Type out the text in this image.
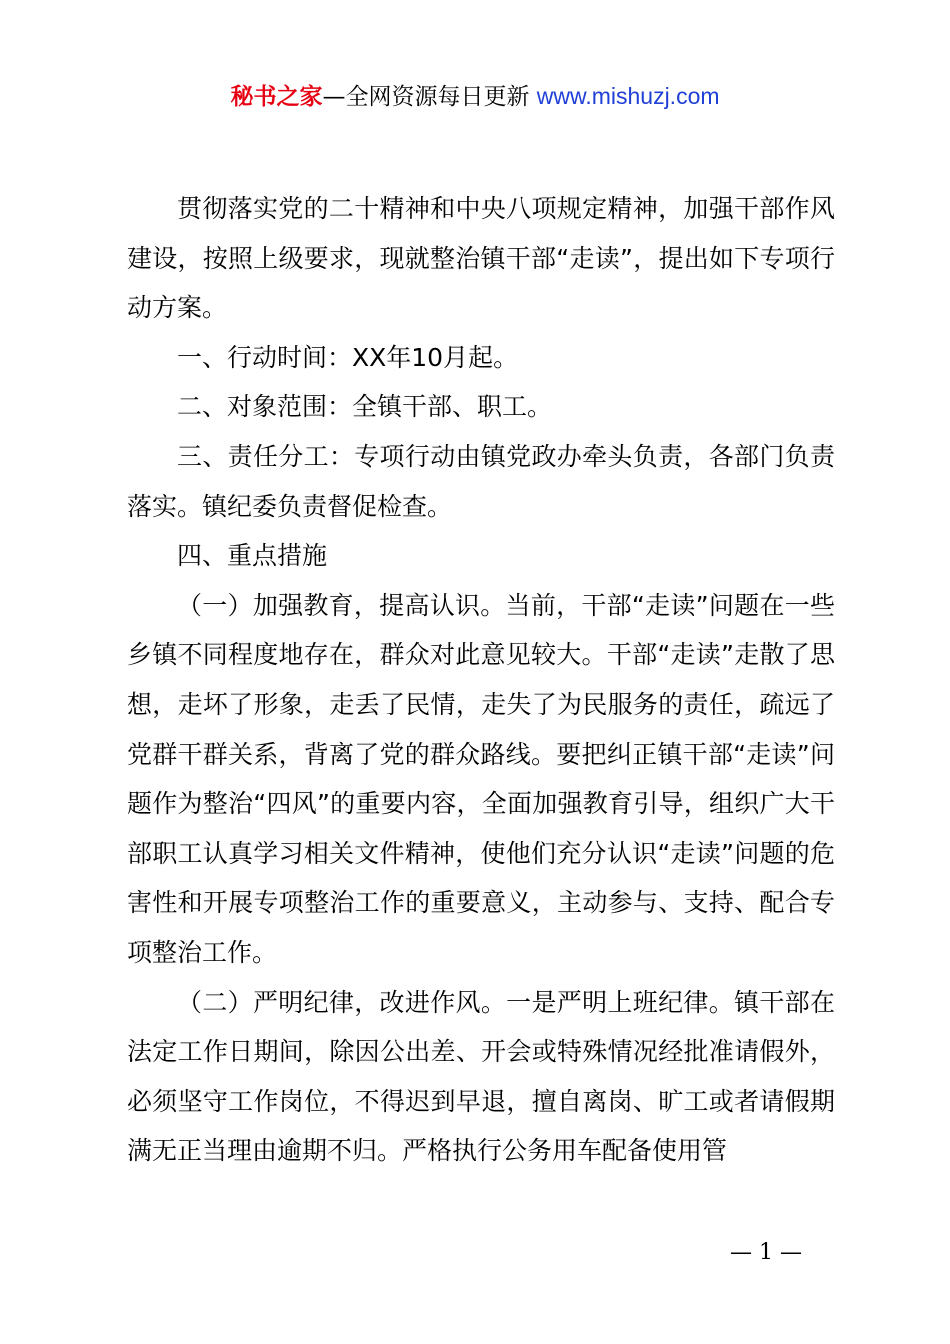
秘书之家—全网资源每日更新 www.mishuzj.com

贯彻落实党的二十精神和中央八项规定精神，加强干部作风建设，按照上级要求，现就整治镇干部“走读”，提出如下专项行动方案。

一、行动时间：XX年10月起。

二、对象范围：全镇干部、职工。

三、责任分工：专项行动由镇党政办牵头负责，各部门负责落实。镇纪委负责督促检查。

四、重点措施

（一）加强教育，提高认识。当前，干部“走读”问题在一些乡镇不同程度地存在，群众对此意见较大。干部“走读”走散了思想，走坏了形象，走丢了民情，走失了为民服务的责任，疏远了党群干群关系，背离了党的群众路线。要把纠正镇干部“走读”问题作为整治“四风”的重要内容，全面加强教育引导，组织广大干部职工认真学习相关文件精神，使他们充分认识“走读”问题的危害性和开展专项整治工作的重要意义，主动参与、支持、配合专项整治工作。

（二）严明纪律，改进作风。一是严明上班纪律。镇干部在法定工作日期间，除因公出差、开会或特殊情况经批准请假外，必须坚守工作岗位，不得迟到早退，擅自离岗、旷工或者请假期满无正当理由逾期不归。严格执行公务用车配备使用管

— 1 —
